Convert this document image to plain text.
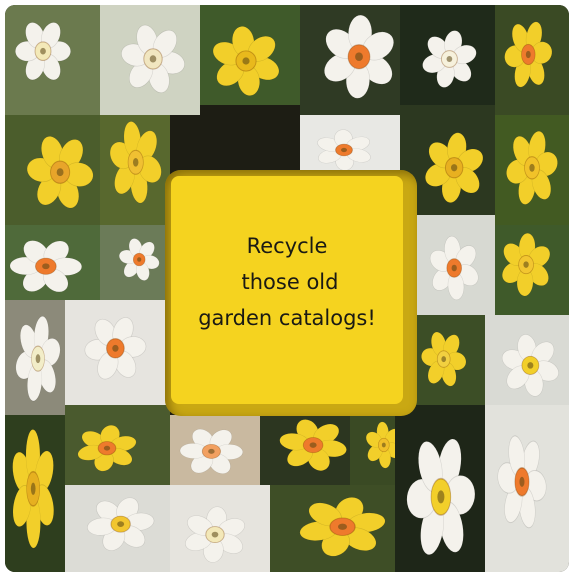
Recycle
those old
garden catalogs!
